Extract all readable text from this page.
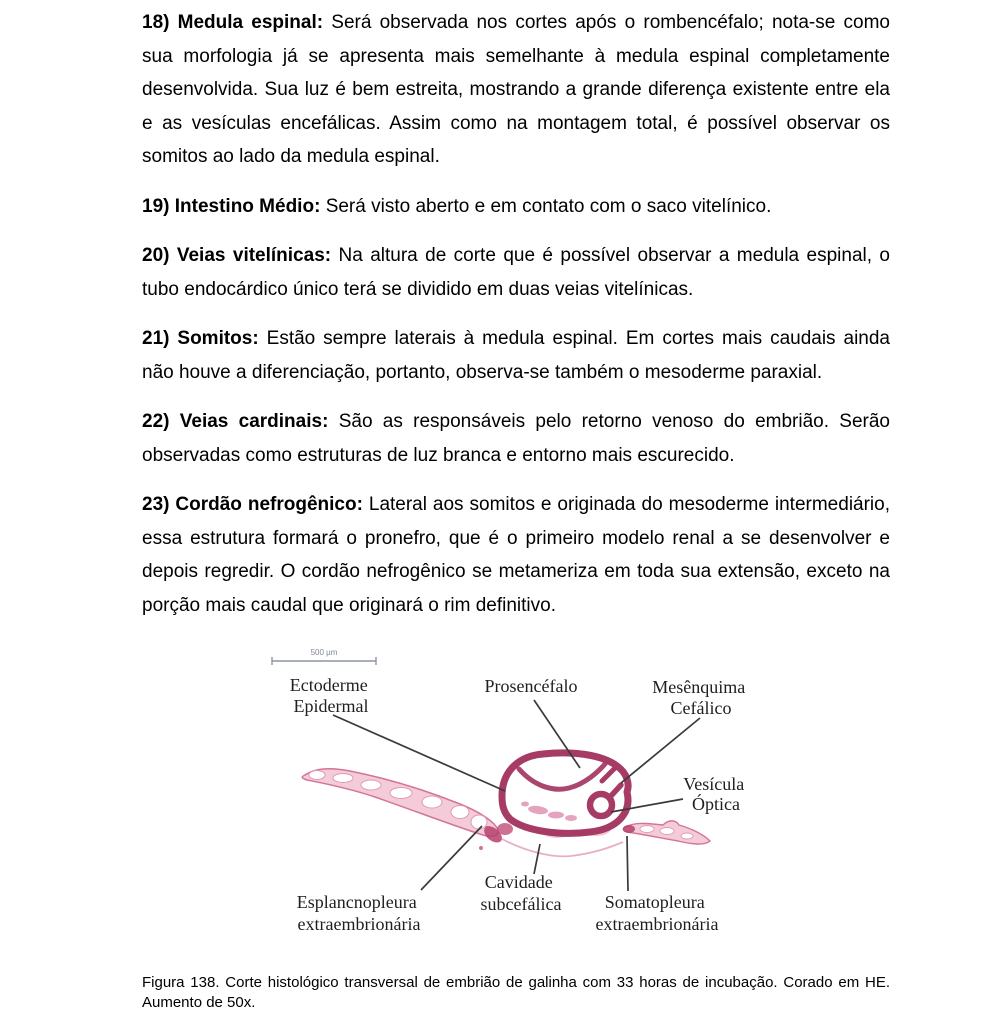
18) Medula espinal: Será observada nos cortes após o rombencéfalo; nota-se como sua morfologia já se apresenta mais semelhante à medula espinal completamente desenvolvida. Sua luz é bem estreita, mostrando a grande diferença existente entre ela e as vesículas encefálicas. Assim como na montagem total, é possível observar os somitos ao lado da medula espinal.

19) Intestino Médio: Será visto aberto e em contato com o saco vitelínico.

20) Veias vitelínicas: Na altura de corte que é possível observar a medula espinal, o tubo endocárdico único terá se dividido em duas veias vitelínicas.

21) Somitos: Estão sempre laterais à medula espinal. Em cortes mais caudais ainda não houve a diferenciação, portanto, observa-se também o mesoderme paraxial.

22) Veias cardinais: São as responsáveis pelo retorno venoso do embrião. Serão observadas como estruturas de luz branca e entorno mais escurecido.

23) Cordão nefrogênico: Lateral aos somitos e originada do mesoderme intermediário, essa estrutura formará o pronefro, que é o primeiro modelo renal a se desenvolver e depois regredir. O cordão nefrogênico se metameriza em toda sua extensão, exceto na porção mais caudal que originará o rim definitivo.

500 μm
Ectoderme Epidermal
Prosencéfalo	Mesênquima Cefálico
Vesícula Óptica
Esplancnopleura extraembrionária
Cavidade subcefálica	Somatopleura extraembrionária

Figura 138. Corte histológico transversal de embrião de galinha com 33 horas de incubação. Corado em HE. Aumento de 50x.
